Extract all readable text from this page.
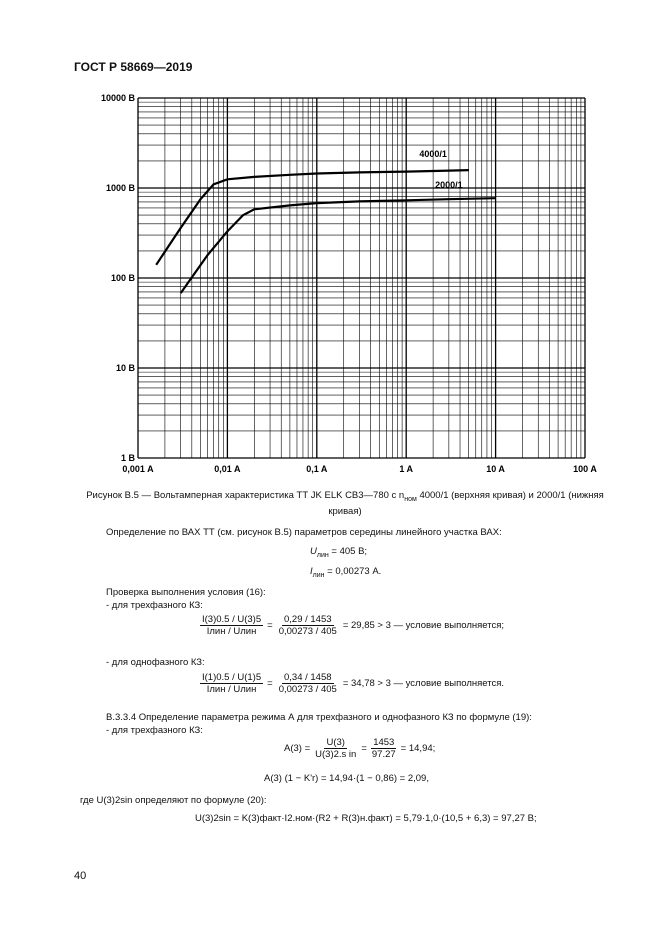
ГОСТ Р 58669—2019
0,001 A	0,01 A	0,1 A	1 A	10 A	100 A
1 B
10 B
100 B
1000 B
10000 B
4000/1
2000/1
Рисунок В.5 — Вольтамперная характеристика ТТ JK ELK СВ3—780 с $n_{ном}$ 4000/1 (верхняя кривая) и 2000/1 (нижняя кривая)
Определение по ВАХ ТТ (см. рисунок В.5) параметров середины линейного участка ВАХ:
$U_{лин} = 405$ В;
$I_{лин} = 0,00273$ А.
Проверка выполнения условия (16):
- для трехфазного КЗ:
$\frac{I(3)0.5 / U(3)5}{\text{Iлин / Uлин}} = \frac{0,29 / 1453}{0,00273 / 405} = 29,85 > 3$ — условие выполняется;
- для однофазного КЗ:
$\frac{I(1)0.5 / U(1)5}{\text{Iлин / Uлин}} = \frac{0,34 / 1458}{0,00273 / 405} = 34,78 > 3$ — условие выполняется.
В.3.3.4 Определение параметра режима А для трехфазного и однофазного КЗ по формуле (19):
- для трехфазного КЗ:
$A(3) = \frac{U(3)}{\text{U(3)2.s in}} = \frac{1453}{97.27} = 14,94$;
A(3) (1 − K'r) = 14,94·(1 − 0,86) = 2,09,
где U(3)2sin определяют по формуле (20):
U(3)2sin = K(3)факт·I2.ном·(R2 + R(3)н.факт) = 5,79·1,0·(10,5 + 6,3) = 97,27 В;
40
